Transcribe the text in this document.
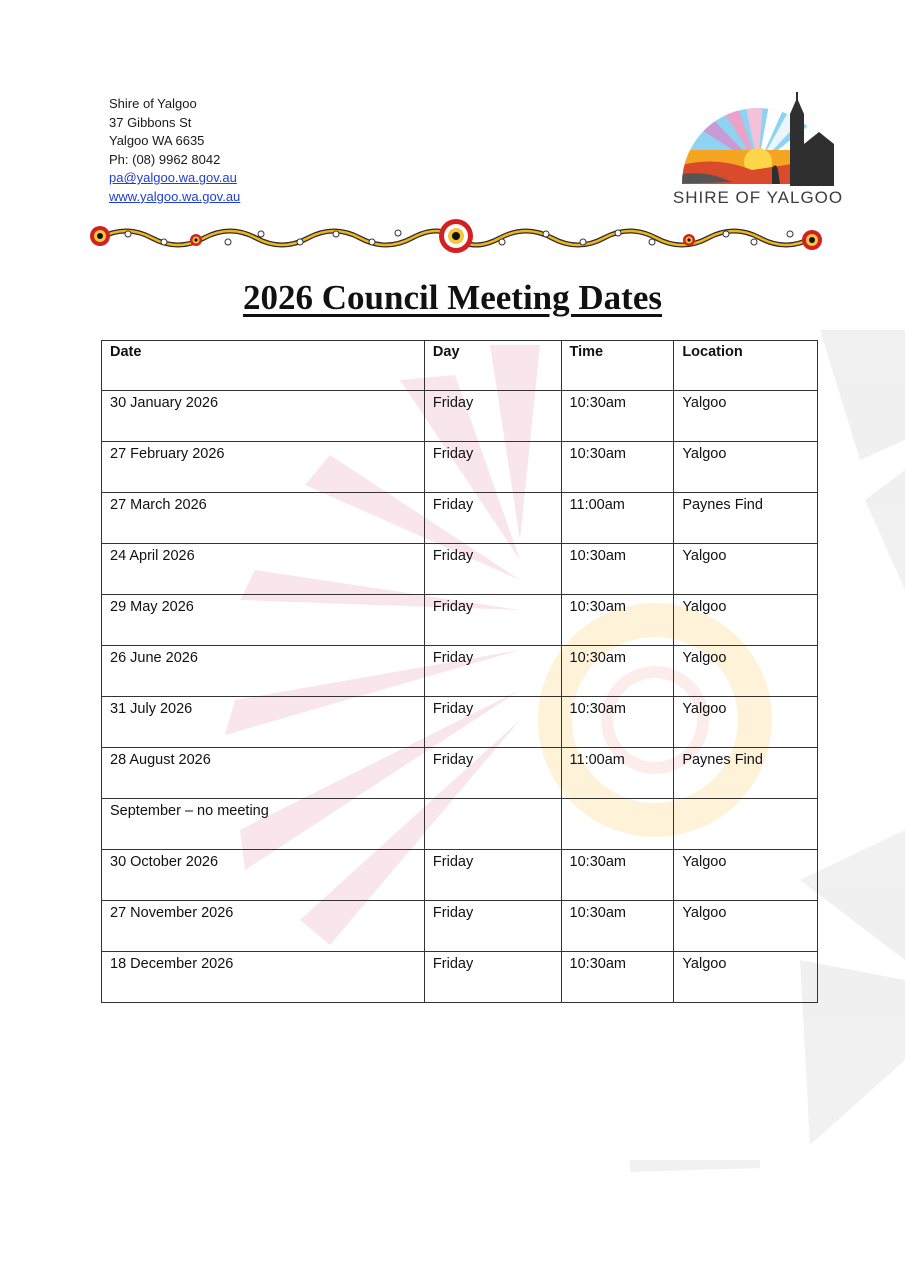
Shire of Yalgoo
37 Gibbons St
Yalgoo WA 6635
Ph: (08) 9962 8042
pa@yalgoo.wa.gov.au
www.yalgoo.wa.gov.au	SHIRE OF YALGOO
2026 Council Meeting Dates
Date	Day	Time	Location
30 January 2026	Friday	10:30am	Yalgoo
27 February 2026	Friday	10:30am	Yalgoo
27 March 2026	Friday	11:00am	Paynes Find
24 April 2026	Friday	10:30am	Yalgoo
29 May 2026	Friday	10:30am	Yalgoo
26 June 2026	Friday	10:30am	Yalgoo
31 July 2026	Friday	10:30am	Yalgoo
28 August 2026	Friday	11:00am	Paynes Find
September – no meeting			
30 October 2026	Friday	10:30am	Yalgoo
27 November 2026	Friday	10:30am	Yalgoo
18 December 2026	Friday	10:30am	Yalgoo
